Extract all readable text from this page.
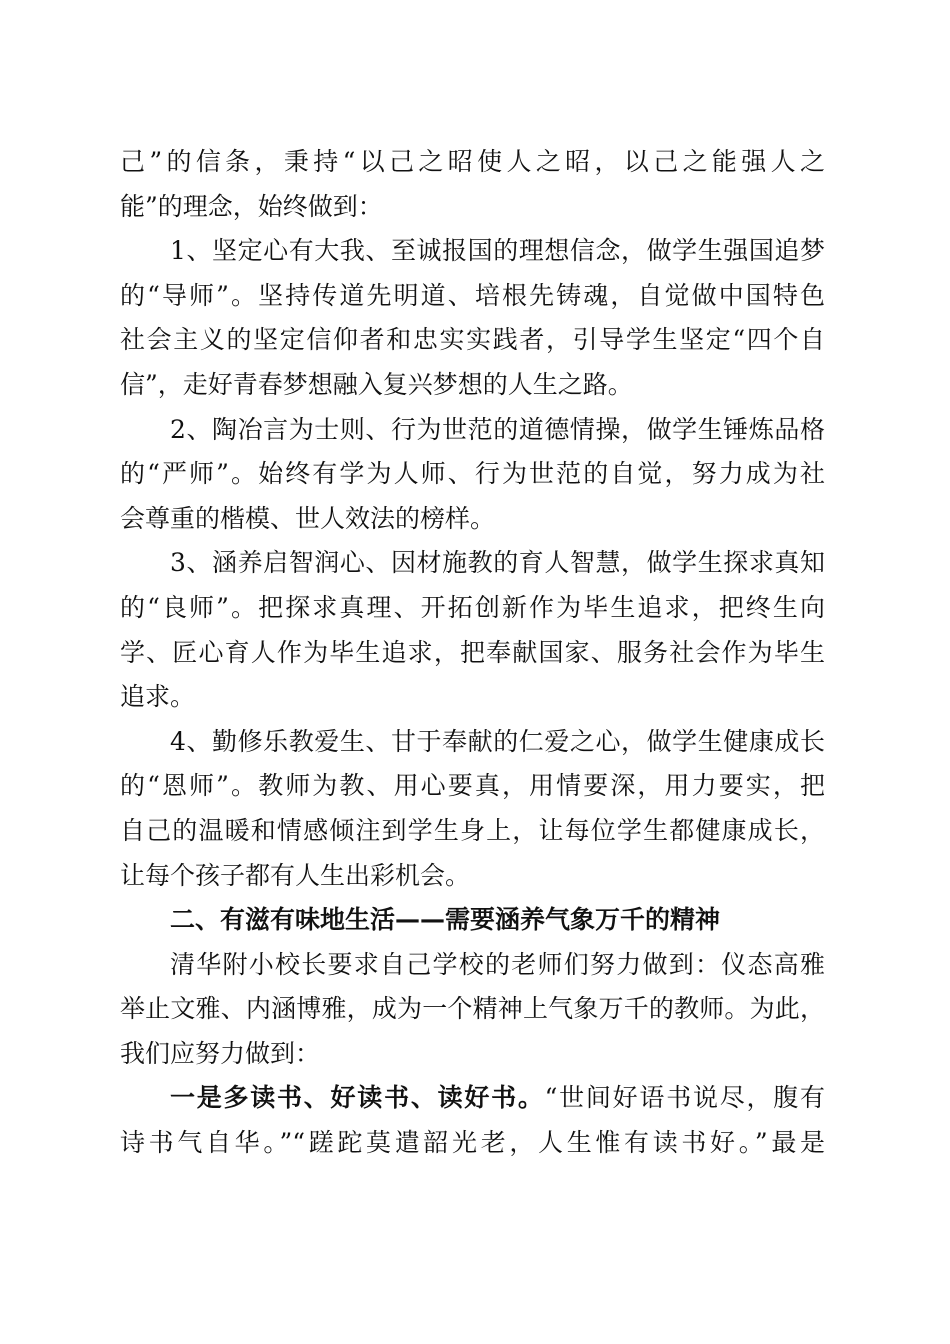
己”的信条，秉持“以己之昭使人之昭，以己之能强人之
能”的理念，始终做到：
1、坚定心有大我、至诚报国的理想信念，做学生强国追梦
的“导师”。坚持传道先明道、培根先铸魂，自觉做中国特色
社会主义的坚定信仰者和忠实实践者，引导学生坚定“四个自
信”，走好青春梦想融入复兴梦想的人生之路。
2、陶冶言为士则、行为世范的道德情操，做学生锤炼品格
的“严师”。始终有学为人师、行为世范的自觉，努力成为社
会尊重的楷模、世人效法的榜样。
3、涵养启智润心、因材施教的育人智慧，做学生探求真知
的“良师”。把探求真理、开拓创新作为毕生追求，把终生向
学、匠心育人作为毕生追求，把奉献国家、服务社会作为毕生
追求。
4、勤修乐教爱生、甘于奉献的仁爱之心，做学生健康成长
的“恩师”。教师为教、用心要真，用情要深，用力要实，把
自己的温暖和情感倾注到学生身上，让每位学生都健康成长，
让每个孩子都有人生出彩机会。
二、有滋有味地生活——需要涵养气象万千的精神
清华附小校长要求自己学校的老师们努力做到：仪态高雅
举止文雅、内涵博雅，成为一个精神上气象万千的教师。为此，
我们应努力做到：
一是多读书、好读书、读好书。“世间好语书说尽，腹有
诗书气自华。”“蹉跎莫遣韶光老，人生惟有读书好。”最是
